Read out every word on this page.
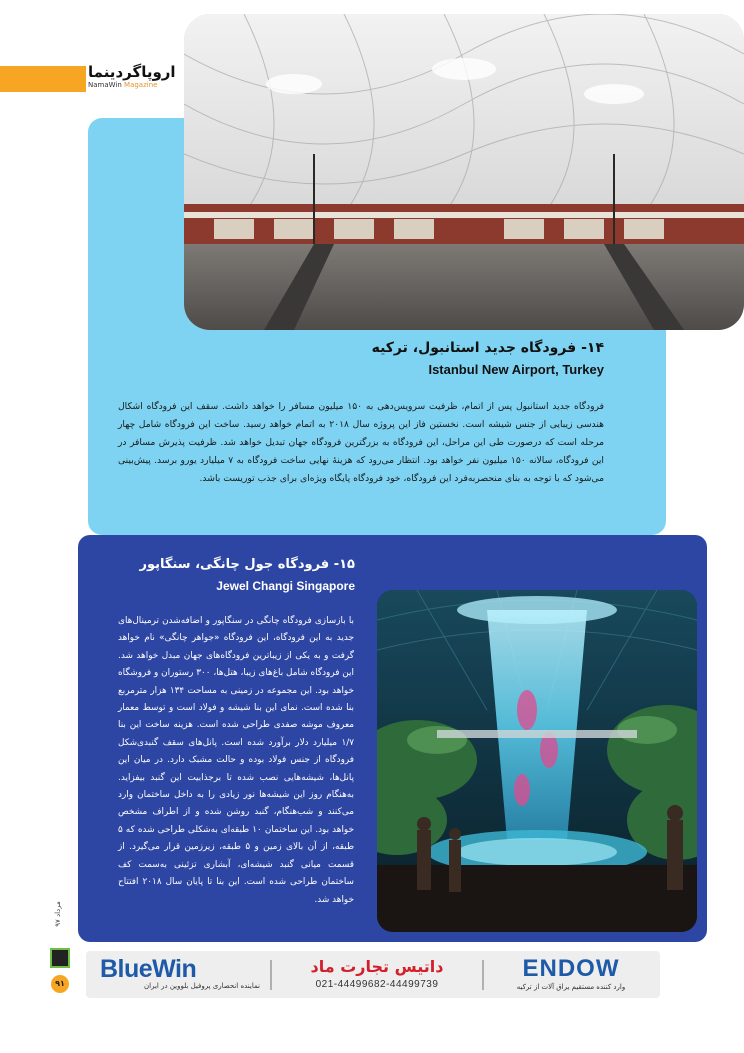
اروپاگردینما
NamaWin Magazine
۱۴- فرودگاه جدید استانبول، ترکیه
Istanbul New Airport, Turkey

فرودگاه جدید استانبول پس از اتمام، ظرفیت سرویس‌دهی به ۱۵۰ میلیون مسافر را خواهد داشت. سقف این فرودگاه اشکال هندسی زیبایی از جنس شیشه است. نخستین فاز این پروژه سال ۲۰۱۸ به اتمام خواهد رسید. ساخت این فرودگاه شامل چهار مرحله است که درصورت طی این مراحل، این فرودگاه به بزرگترین فرودگاه جهان تبدیل خواهد شد. ظرفیت پذیرش مسافر در این فرودگاه، سالانه ۱۵۰ میلیون نفر خواهد بود. انتظار می‌رود که هزینهٔ نهایی ساخت فرودگاه به ۷ میلیارد یورو برسد. پیش‌بینی می‌شود که با توجه به بنای منحصربه‌فرد این فرودگاه، خود فرودگاه پایگاه ویژه‌ای برای جذب توریست باشد.

۱۵- فرودگاه جول چانگی، سنگاپور
Jewel Changi Singapore

با بازسازی فرودگاه چانگی در سنگاپور و اضافه‌شدن ترمینال‌های جدید به این فرودگاه، این فرودگاه «جواهر چانگی» نام خواهد گرفت و به یکی از زیباترین فرودگاه‌های جهان مبدل خواهد شد. این فرودگاه شامل باغ‌های زیبا، هتل‌ها، ۳۰۰ رستوران و فروشگاه خواهد بود. این مجموعه در زمینی به مساحت ۱۳۴ هزار مترمربع بنا شده است. نمای این بنا شیشه و فولاد است و توسط معمار معروف موشه صفدی طراحی شده است. هزینه ساخت این بنا ۱/۷ میلیارد دلار برآورد شده است. پانل‌های سقف گنبدی‌شکل فرودگاه از جنس فولاد بوده و حالت مشبک دارد. در میان این پانل‌ها، شیشه‌هایی نصب شده تا برجذابیت این گنبد بیفزاید. به‌هنگام روز این شیشه‌ها نور زیادی را به داخل ساختمان وارد می‌کنند و شب‌هنگام، گنبد روشن شده و از اطراف مشخص خواهد بود. این ساختمان ۱۰ طبقه‌ای به‌شکلی طراحی شده که ۵ طبقه، از آن بالای زمین و ۵ طبقه، زیرزمین قرار می‌گیرد. از قسمت میانی گنبد شیشه‌ای، آبشاری تزئینی به‌سمت کف ساختمان طراحی شده است. این بنا تا پایان سال ۲۰۱۸ افتتاح خواهد شد.

مرداد ۹۷
۹۱
BlueWin
نماینده انحصاری پروفیل بلووین در ایران
داتیس تجارت ماد
021-44499682-44499739
ENDOW
وارد کننده مستقیم یراق آلات از ترکیه
